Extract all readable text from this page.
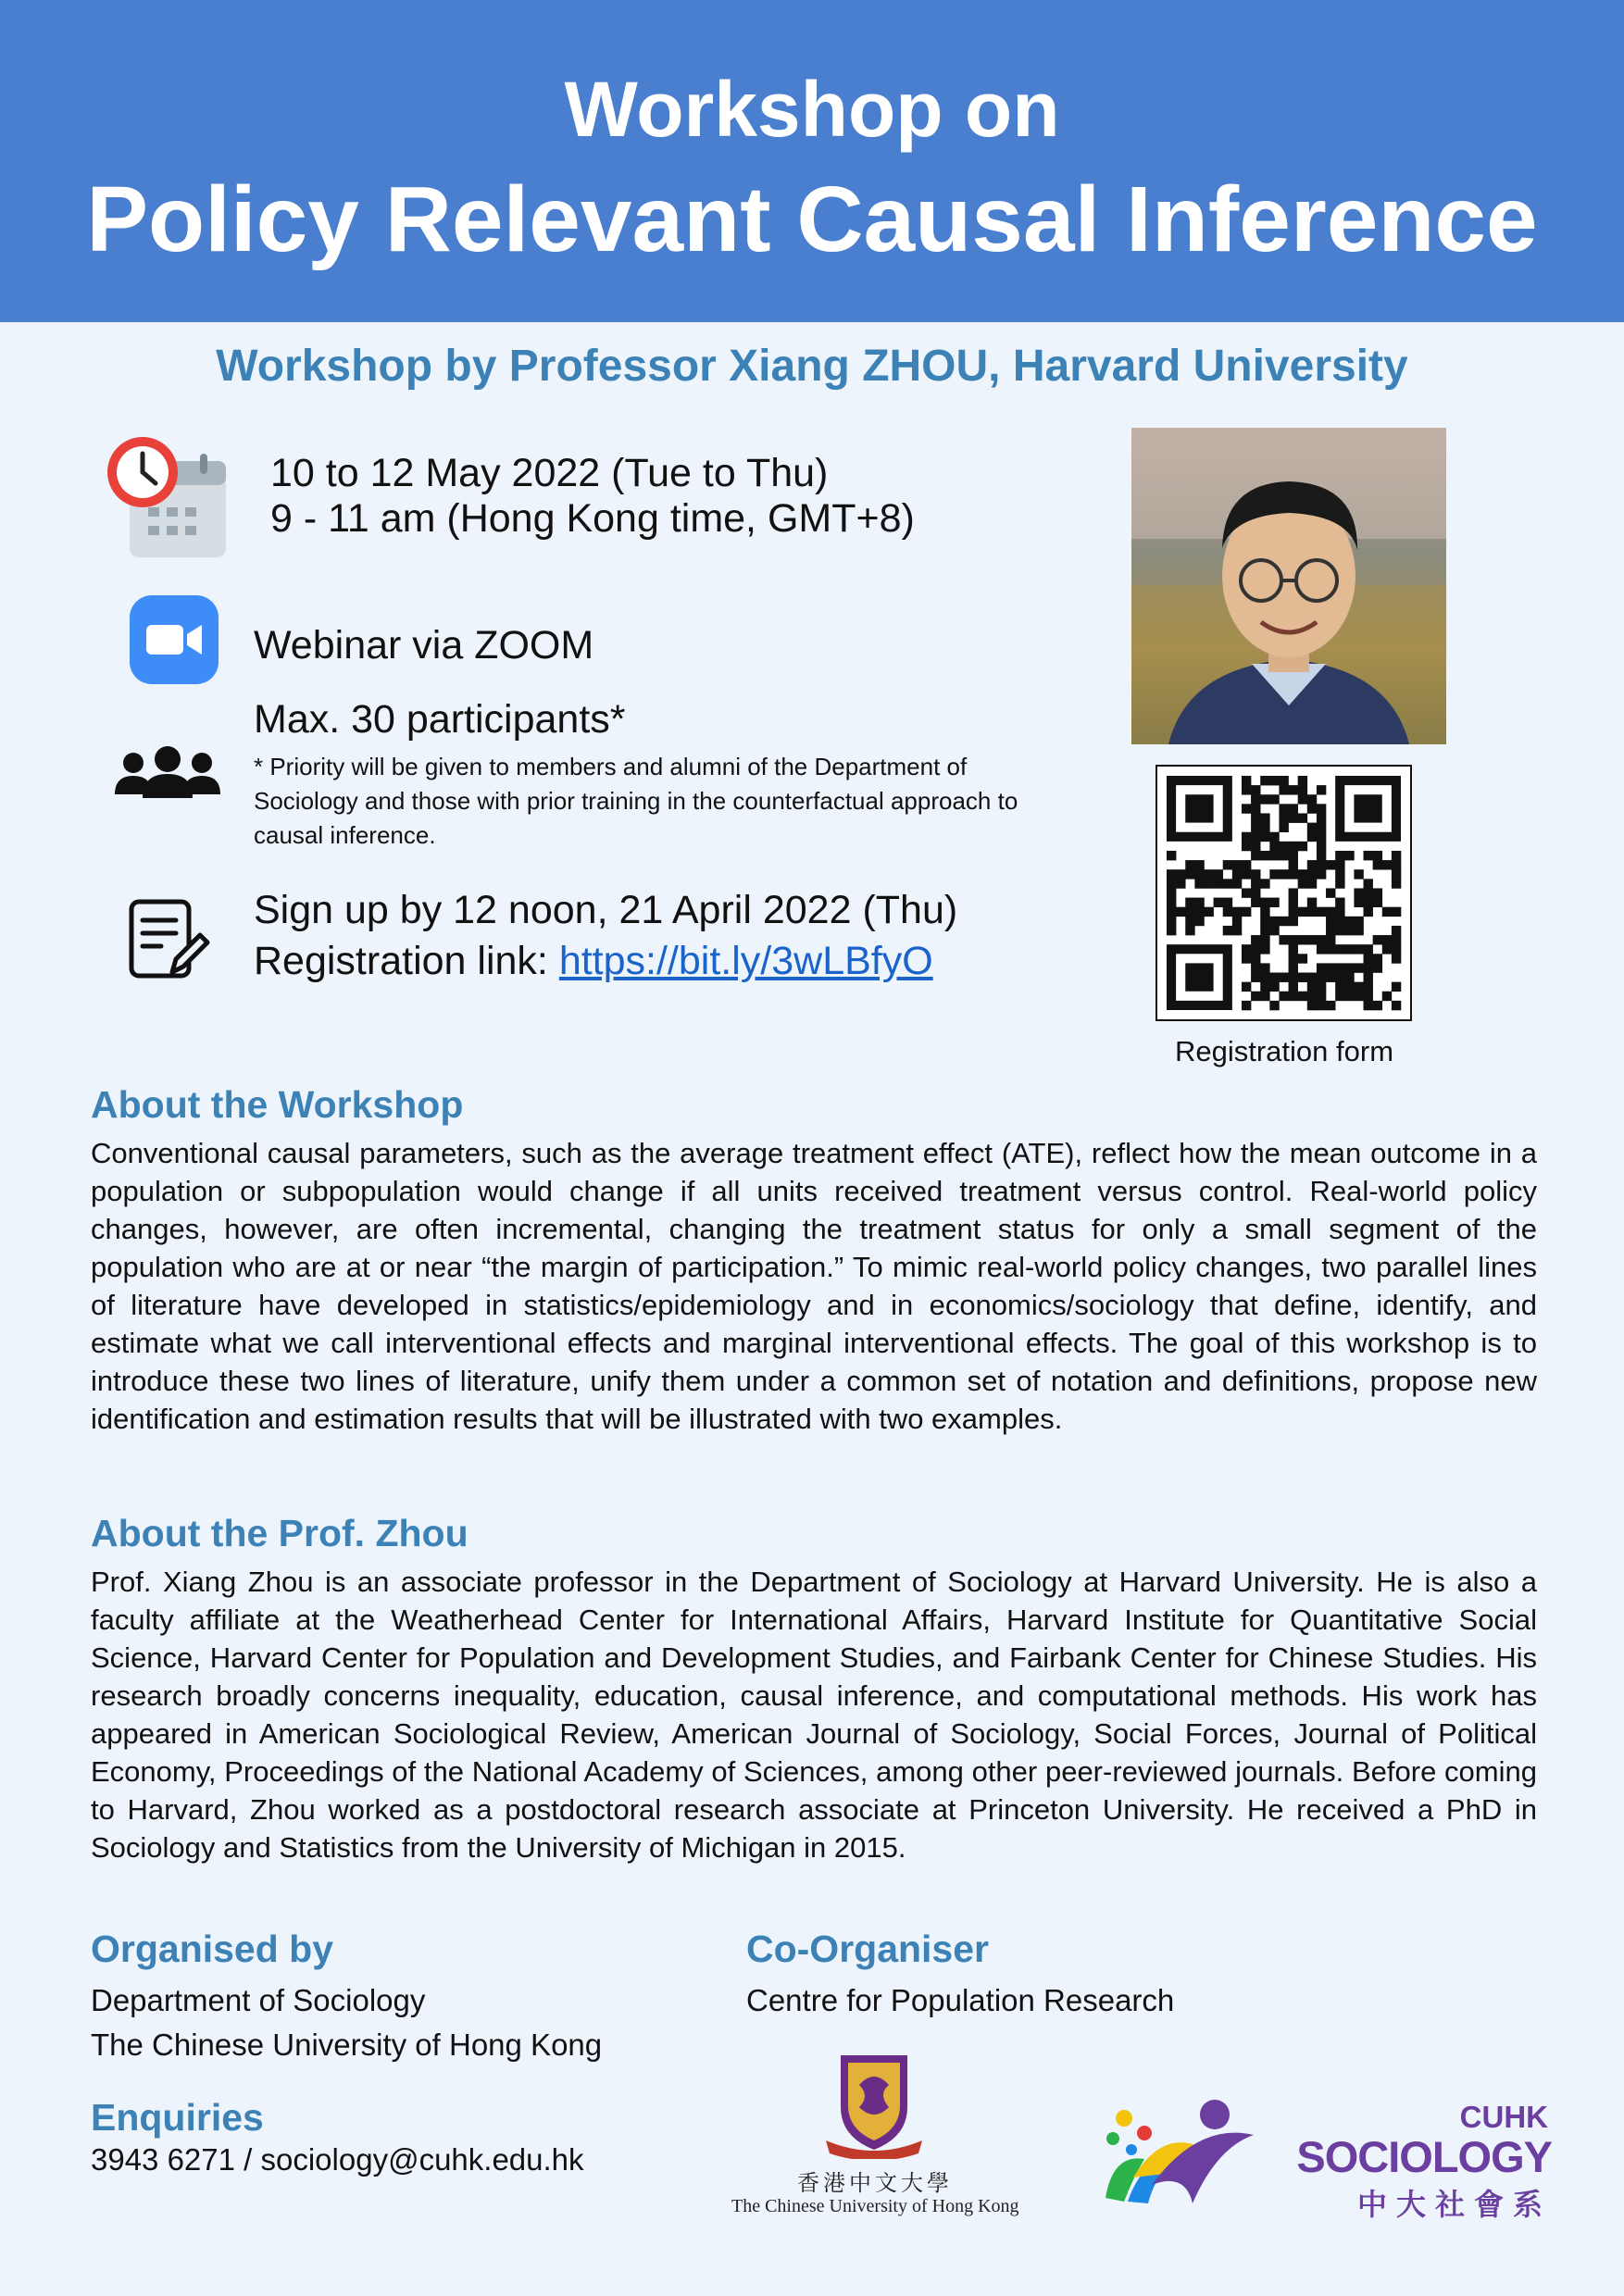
Workshop on
Policy Relevant Causal Inference
Workshop by Professor Xiang ZHOU, Harvard University
10 to 12 May 2022 (Tue to Thu)
9 - 11 am (Hong Kong time, GMT+8)
Webinar via ZOOM
Max. 30 participants*
* Priority will be given to members and alumni of the Department of Sociology and those with prior training in the counterfactual approach to causal inference.
Sign up by 12 noon, 21 April 2022 (Thu)
Registration link: https://bit.ly/3wLBfyO
Registration form
About the Workshop
Conventional causal parameters, such as the average treatment effect (ATE), reflect how the mean outcome in a population or subpopulation would change if all units received treatment versus control. Real-world policy changes, however, are often incremental, changing the treatment status for only a small segment of the population who are at or near “the margin of participation.” To mimic real-world policy changes, two parallel lines of literature have developed in statistics/epidemiology and in economics/sociology that define, identify, and estimate what we call interventional effects and marginal interventional effects. The goal of this workshop is to introduce these two lines of literature, unify them under a common set of notation and definitions, propose new identification and estimation results that will be illustrated with two examples.
About the Prof. Zhou
Prof. Xiang Zhou is an associate professor in the Department of Sociology at Harvard University. He is also a faculty affiliate at the Weatherhead Center for International Affairs, Harvard Institute for Quantitative Social Science, Harvard Center for Population and Development Studies, and Fairbank Center for Chinese Studies. His research broadly concerns inequality, education, causal inference, and computational methods. His work has appeared in American Sociological Review, American Journal of Sociology, Social Forces, Journal of Political Economy, Proceedings of the National Academy of Sciences, among other peer-reviewed journals. Before coming to Harvard, Zhou worked as a postdoctoral research associate at Princeton University. He received a PhD in Sociology and Statistics from the University of Michigan in 2015.
Organised by
Department of Sociology
The Chinese University of Hong Kong
Co-Organiser
Centre for Population Research
Enquiries
3943 6271 / sociology@cuhk.edu.hk
香港中文大學
The Chinese University of Hong Kong
CUHK
SOCIOLOGY
中大社會系
